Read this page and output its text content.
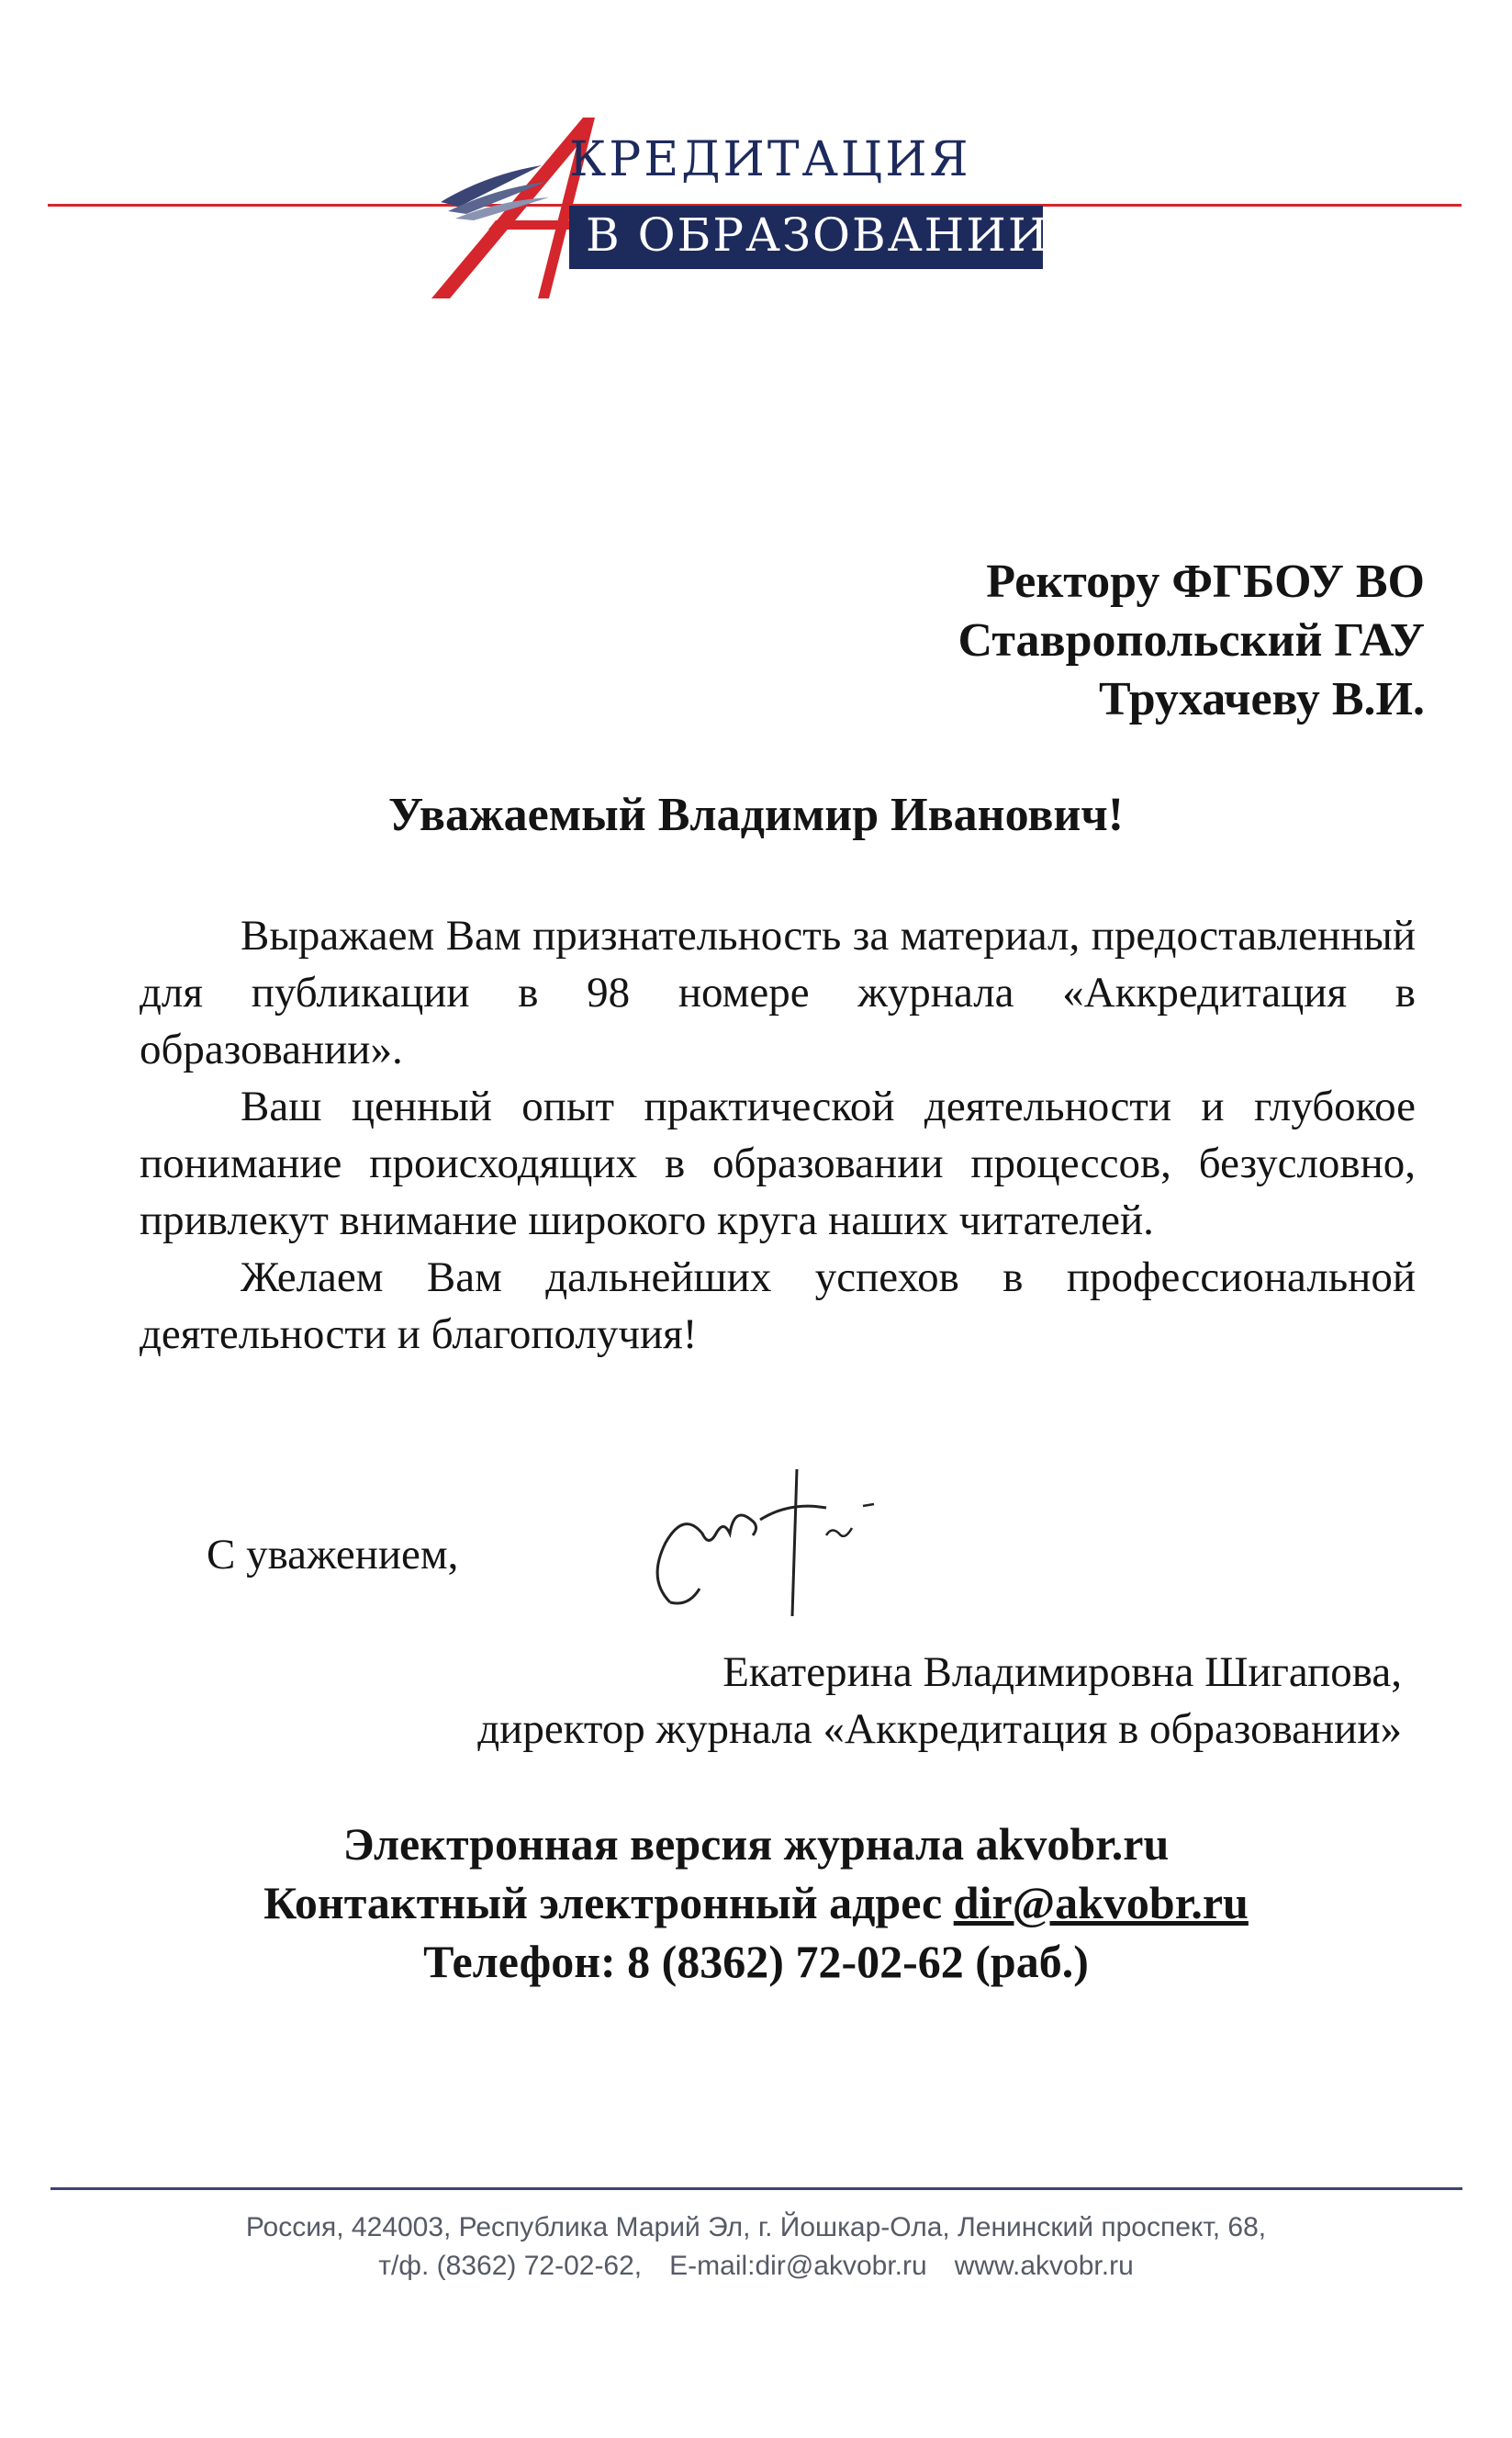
КРЕДИТАЦИЯ
В ОБРАЗОВАНИИ
Ректору ФГБОУ ВО
Ставропольский ГАУ
Трухачеву В.И.
Уважаемый Владимир Иванович!

Выражаем Вам признательность за материал, предоставленный для публикации в 98 номере журнала «Аккредитация в образовании».

Ваш ценный опыт практической деятельности и глубокое понимание происходящих в образовании процессов, безусловно, привлекут внимание широкого круга наших читателей.

Желаем Вам дальнейших успехов в профессиональной деятельности и благополучия!

С уважением,
Екатерина Владимировна Шигапова,
директор журнала «Аккредитация в образовании»
Электронная версия журнала akvobr.ru
Контактный электронный адрес dir@akvobr.ru
Телефон: 8 (8362) 72-02-62 (раб.)
Россия, 424003, Республика Марий Эл, г. Йошкар-Ола, Ленинский проспект, 68,
т/ф. (8362) 72-02-62, E-mail:dir@akvobr.ru www.akvobr.ru
